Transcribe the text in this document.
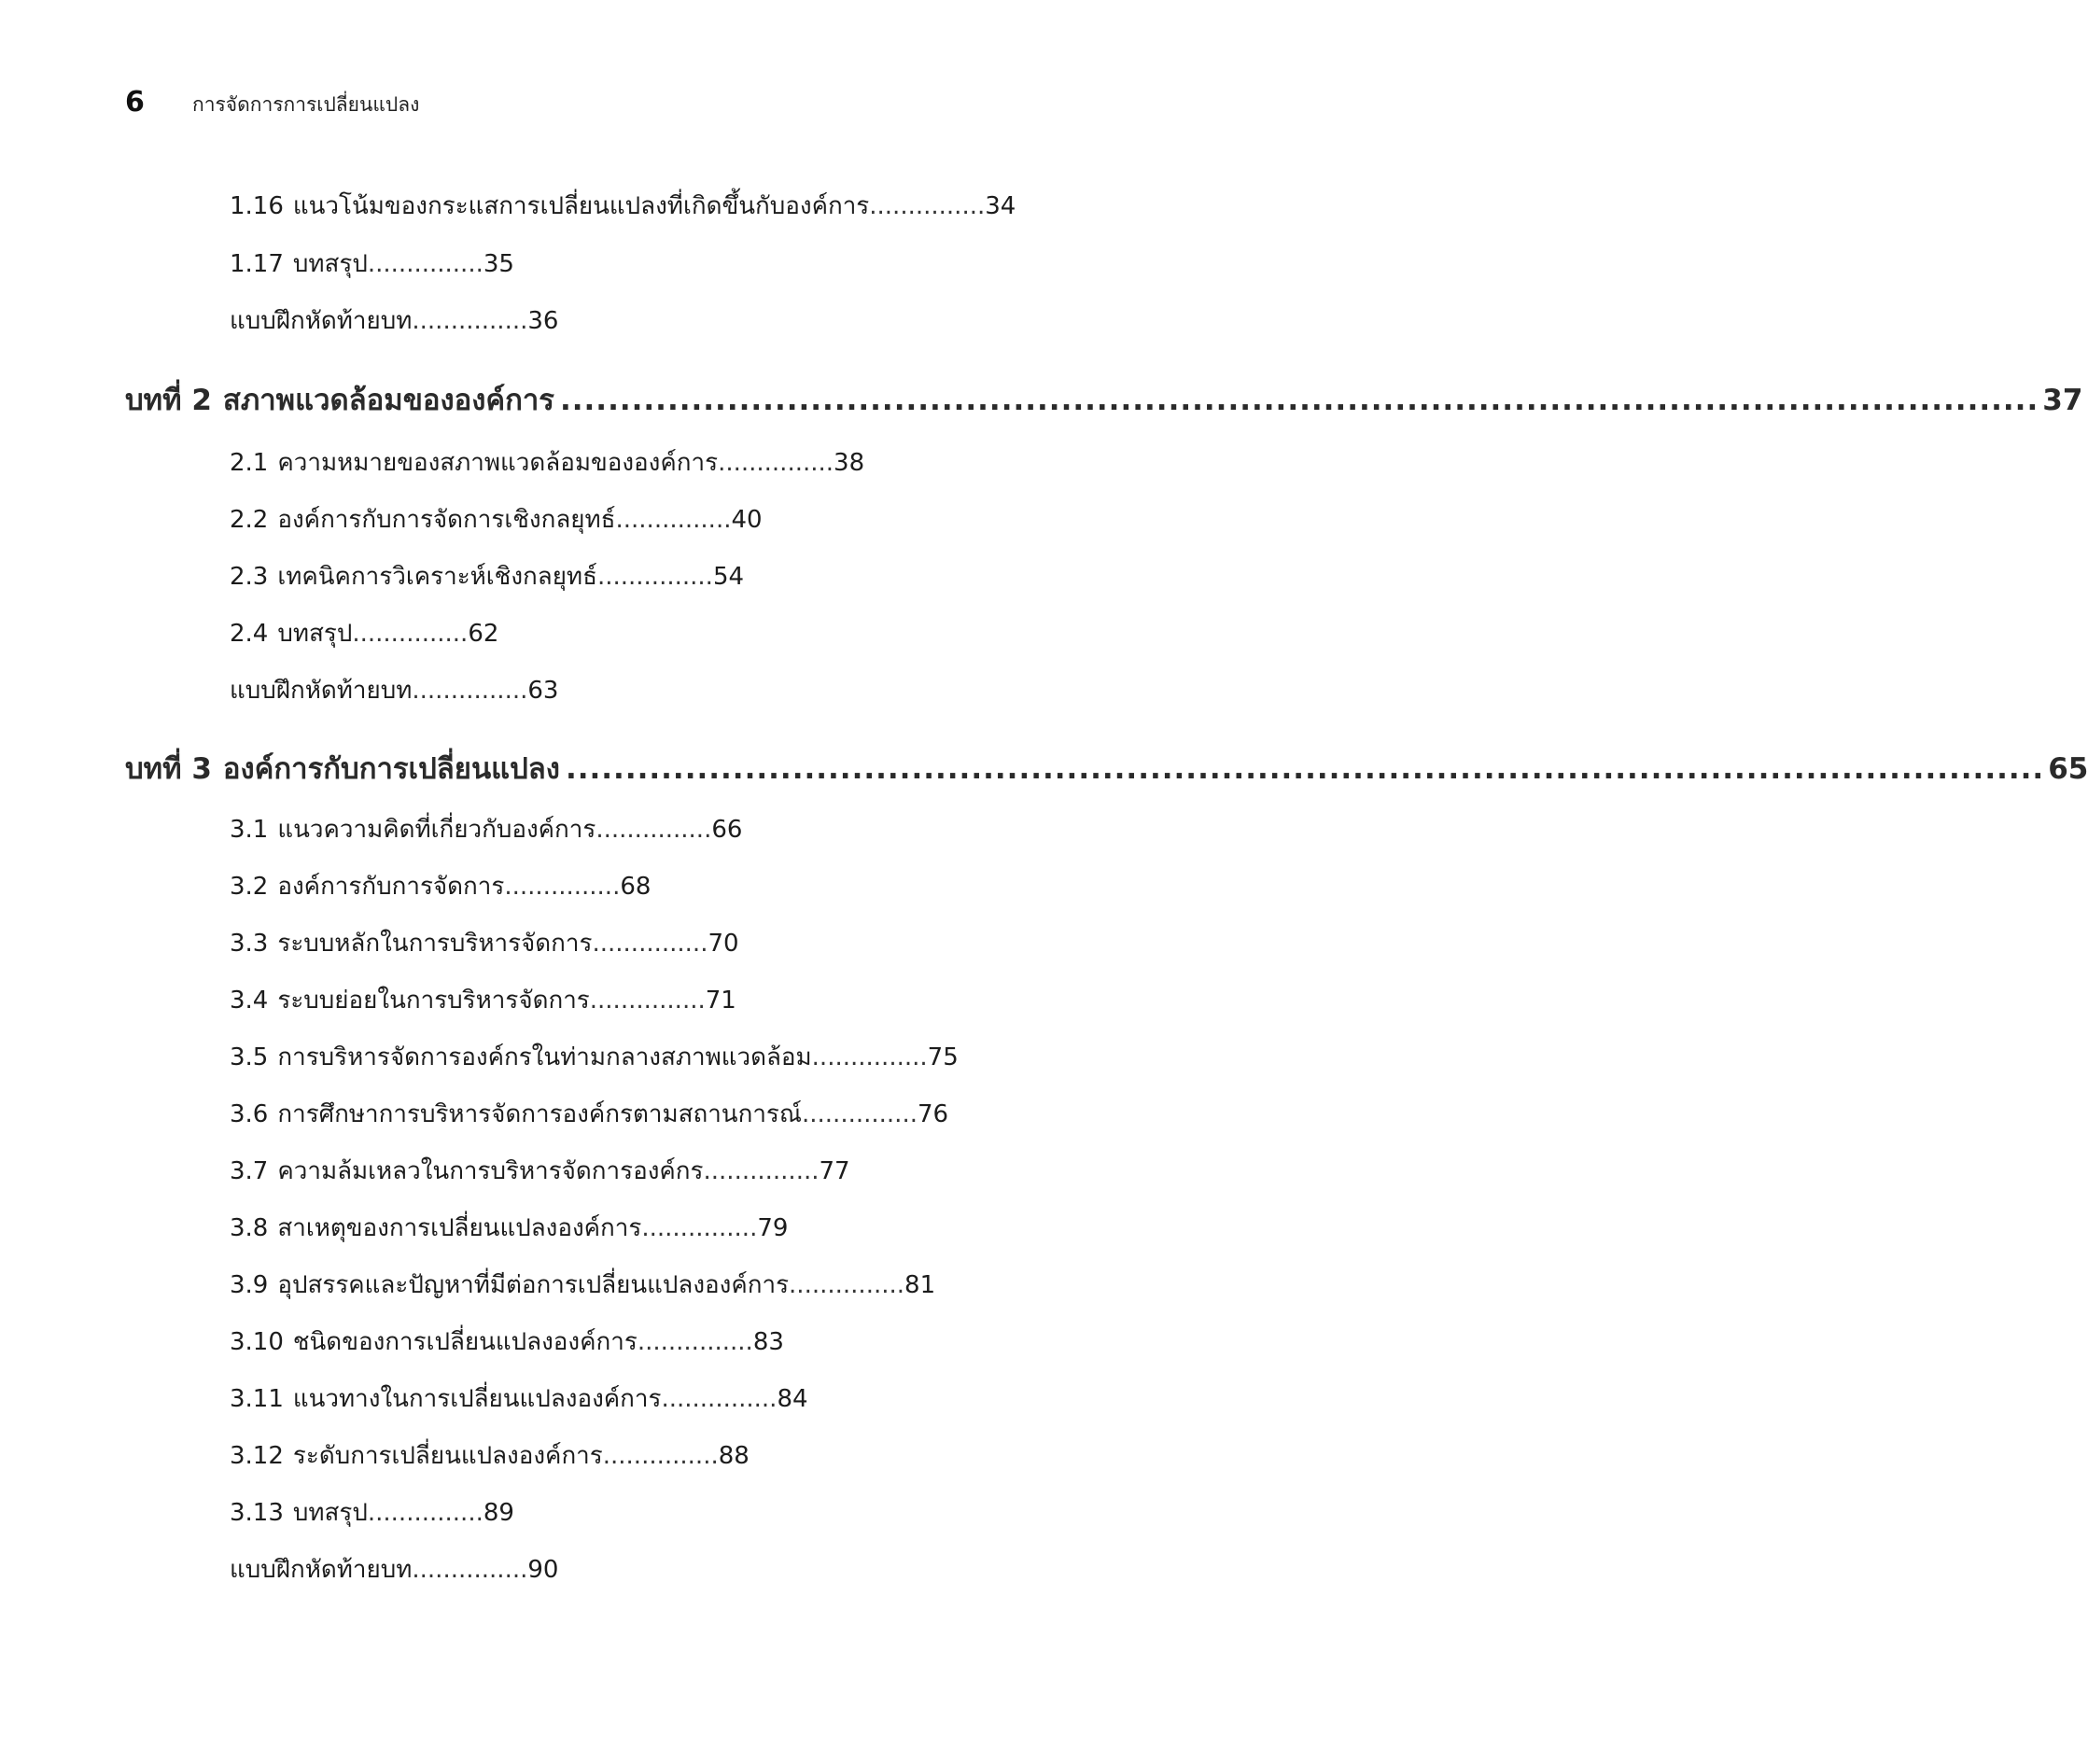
6	การจัดการการเปลี่ยนแปลง
1.16 แนวโน้มของกระแสการเปลี่ยนแปลงที่เกิดขึ้นกับองค์การ...............34
1.17 บทสรุป...............35
แบบฝึกหัดท้ายบท...............36
บทที่ 2 สภาพแวดล้อมขององค์การ ............................................................................................................................ 37
2.1 ความหมายของสภาพแวดล้อมขององค์การ...............38
2.2 องค์การกับการจัดการเชิงกลยุทธ์...............40
2.3 เทคนิคการวิเคราะห์เชิงกลยุทธ์...............54
2.4 บทสรุป...............62
แบบฝึกหัดท้ายบท...............63
บทที่ 3 องค์การกับการเปลี่ยนแปลง ............................................................................................................................ 65
3.1 แนวความคิดที่เกี่ยวกับองค์การ...............66
3.2 องค์การกับการจัดการ...............68
3.3 ระบบหลักในการบริหารจัดการ...............70
3.4 ระบบย่อยในการบริหารจัดการ...............71
3.5 การบริหารจัดการองค์กรในท่ามกลางสภาพแวดล้อม...............75
3.6 การศึกษาการบริหารจัดการองค์กรตามสถานการณ์...............76
3.7 ความล้มเหลวในการบริหารจัดการองค์กร...............77
3.8 สาเหตุของการเปลี่ยนแปลงองค์การ...............79
3.9 อุปสรรคและปัญหาที่มีต่อการเปลี่ยนแปลงองค์การ...............81
3.10 ชนิดของการเปลี่ยนแปลงองค์การ...............83
3.11 แนวทางในการเปลี่ยนแปลงองค์การ...............84
3.12 ระดับการเปลี่ยนแปลงองค์การ...............88
3.13 บทสรุป...............89
แบบฝึกหัดท้ายบท...............90
